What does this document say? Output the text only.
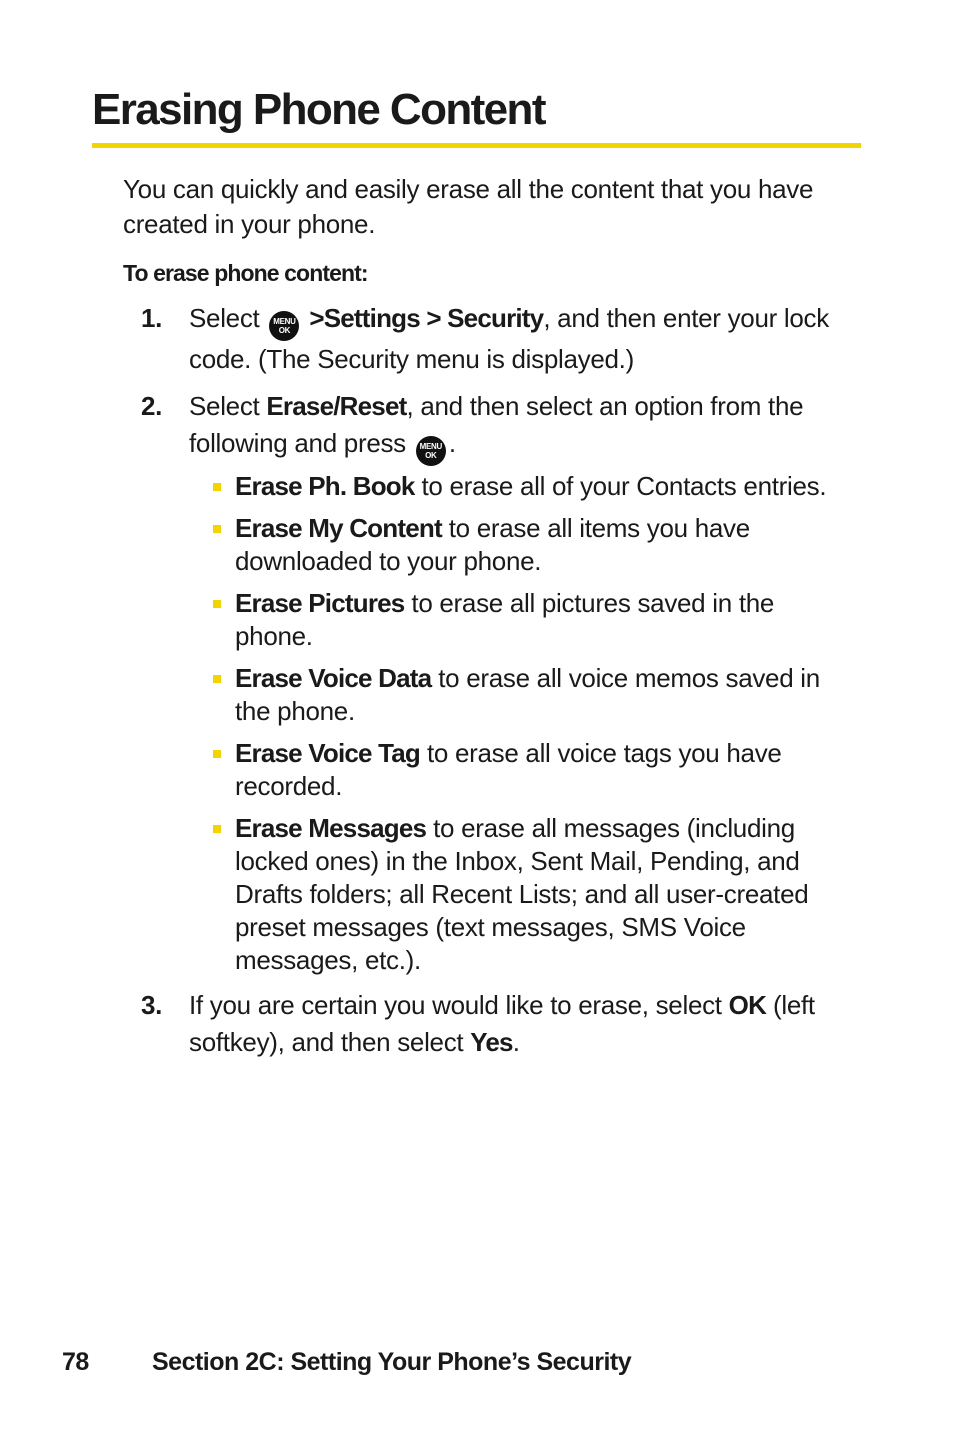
Erasing Phone Content

You can quickly and easily erase all the content that you have created in your phone.

To erase phone content:

1. Select MENU
OK >Settings > Security, and then enter your lock code. (The Security menu is displayed.)
2. Select Erase/Reset, and then select an option from the following and press MENU
OK .
Erase Ph. Book to erase all of your Contacts entries.
Erase My Content to erase all items you have downloaded to your phone.
Erase Pictures to erase all pictures saved in the phone.
Erase Voice Data to erase all voice memos saved in the phone.
Erase Voice Tag to erase all voice tags you have recorded.
Erase Messages to erase all messages (including locked ones) in the Inbox, Sent Mail, Pending, and Drafts folders; all Recent Lists; and all user-created preset messages (text messages, SMS Voice messages, etc.).
3. If you are certain you would like to erase, select OK (left softkey), and then select Yes.
78	Section 2C: Setting Your Phone’s Security
